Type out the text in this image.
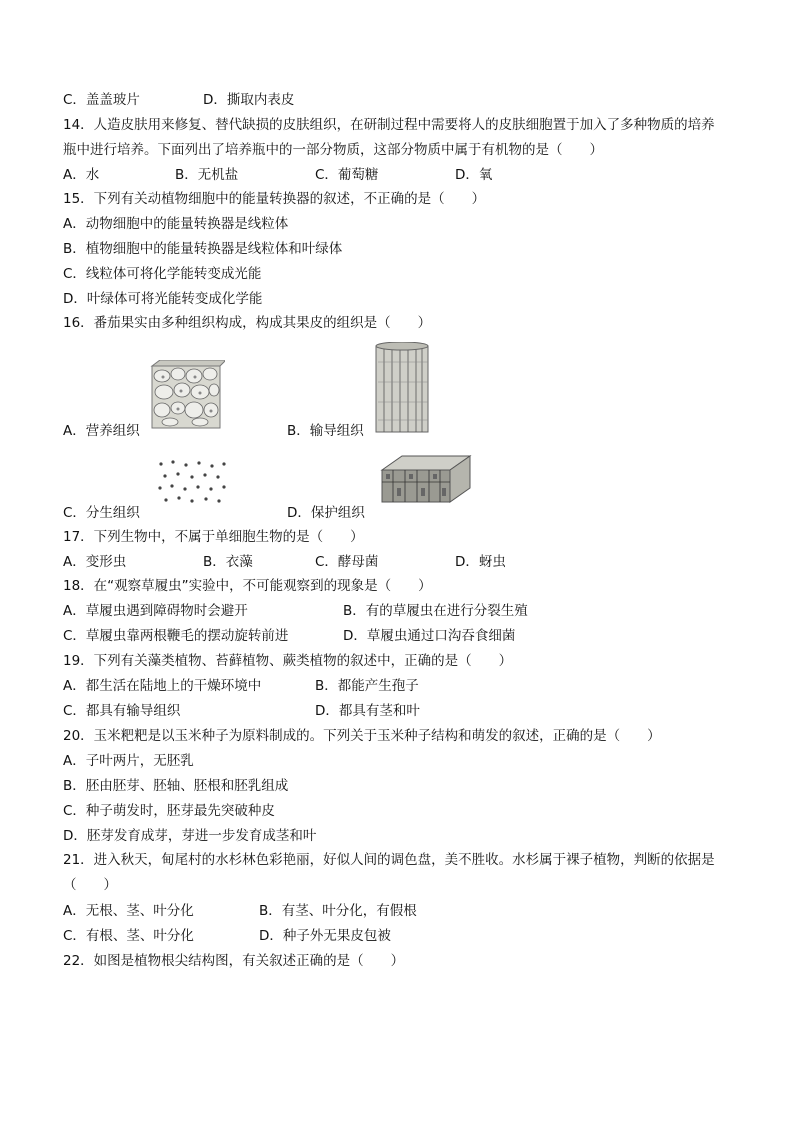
C．盖盖玻片	D．撕取内表皮
14．人造皮肤用来修复、替代缺损的皮肤组织，在研制过程中需要将人的皮肤细胞置于加入了多种物质的培养
瓶中进行培养。下面列出了培养瓶中的一部分物质，这部分物质中属于有机物的是（　　）
A．水	B．无机盐	C．葡萄糖	D．氧
15．下列有关动植物细胞中的能量转换器的叙述，不正确的是（　　）
A．动物细胞中的能量转换器是线粒体
B．植物细胞中的能量转换器是线粒体和叶绿体
C．线粒体可将化学能转变成光能
D．叶绿体可将光能转变成化学能
16．番茄果实由多种组织构成，构成其果皮的组织是（　　）
A．营养组织	B．输导组织
C．分生组织	D．保护组织
17．下列生物中，不属于单细胞生物的是（　　）
A．变形虫	B．衣藻	C．酵母菌	D．蚜虫
18．在“观察草履虫”实验中，不可能观察到的现象是（　　）
A．草履虫遇到障碍物时会避开	B．有的草履虫在进行分裂生殖
C．草履虫靠两根鞭毛的摆动旋转前进	D．草履虫通过口沟吞食细菌
19．下列有关藻类植物、苔藓植物、蕨类植物的叙述中，正确的是（　　）
A．都生活在陆地上的干燥环境中	B．都能产生孢子
C．都具有输导组织	D．都具有茎和叶
20．玉米粑粑是以玉米种子为原料制成的。下列关于玉米种子结构和萌发的叙述，正确的是（　　）
A．子叶两片，无胚乳
B．胚由胚芽、胚轴、胚根和胚乳组成
C．种子萌发时，胚芽最先突破种皮
D．胚芽发育成芽，芽进一步发育成茎和叶
21．进入秋天，甸尾村的水杉林色彩艳丽，好似人间的调色盘，美不胜收。水杉属于裸子植物，判断的依据是
（　　）
A．无根、茎、叶分化	B．有茎、叶分化，有假根
C．有根、茎、叶分化	D．种子外无果皮包被
22．如图是植物根尖结构图，有关叙述正确的是（　　）
